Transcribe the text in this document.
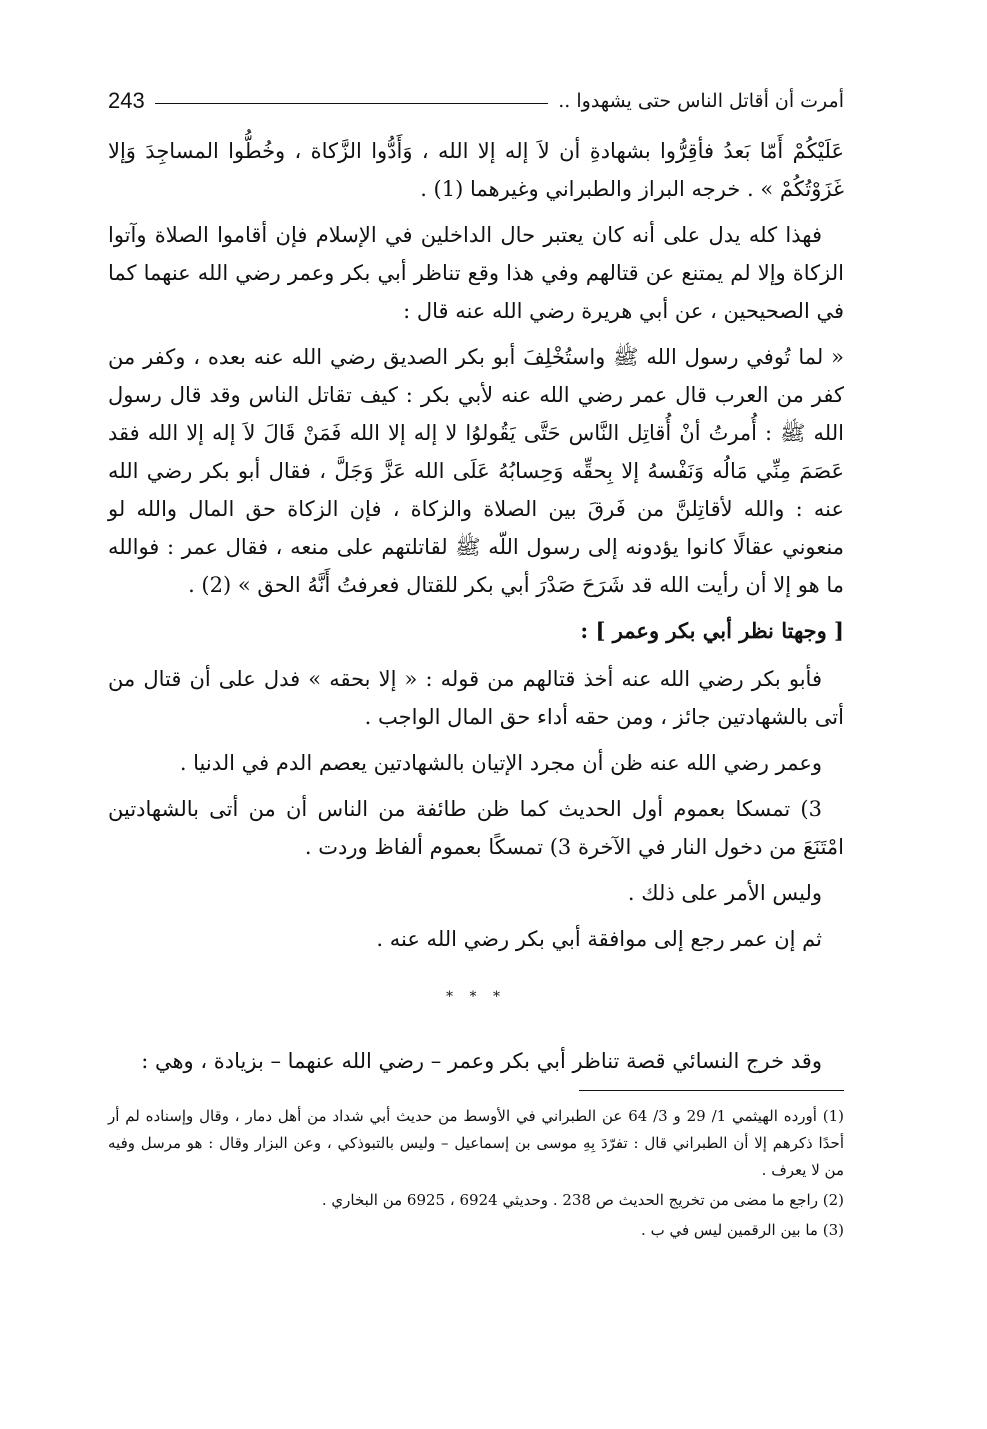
أمرت أن أقاتل الناس حتى يشهدوا ..
243

عَلَيْكُمْ أَمّا بَعدُ فأقِرُّوا بشهادةِ أن لاَ إله إلا الله ، وَأَدُّوا الزَّكاة ، وخُطُّوا المساجِدَ وَإلا غَزَوْتُكُمْ » . خرجه البراز والطبراني وغيرهما (1) .

فهذا كله يدل على أنه كان يعتبر حال الداخلين في الإسلام فإن أقاموا الصلاة وآتوا الزكاة وإلا لم يمتنع عن قتالهم وفي هذا وقع تناظر أبي بكر وعمر رضي الله عنهما كما في الصحيحين ، عن أبي هريرة رضي الله عنه قال :

« لما تُوفي رسول الله ﷺ واستُخْلِفَ أبو بكر الصديق رضي الله عنه بعده ، وكفر من كفر من العرب قال عمر رضي الله عنه لأبي بكر : كيف تقاتل الناس وقد قال رسول الله ﷺ : أُمرتُ أنْ أُقاتِل النَّاس حَتَّى يَقُولوُا لا إله إلا الله فَمَنْ قَالَ لاَ إله إلا الله فقد عَصَمَ مِنِّي مَالُه وَنَفْسهُ إلا بِحقِّه وَحِسابُهُ عَلَى الله عَزَّ وَجَلَّ ، فقال أبو بكر رضي الله عنه : والله لأقاتِلنَّ من فَرقَ بين الصلاة والزكاة ، فإن الزكاة حق المال والله لو منعوني عقالًا كانوا يؤدونه إلى رسول اللّه ﷺ لقاتلتهم على منعه ، فقال عمر : فوالله ما هو إلا أن رأيت الله قد شَرَحَ صَدْرَ أبي بكر للقتال فعرفتُ أَنَّهُ الحق » (2) .

[ وجهتا نظر أبي بكر وعمر ] :

فأبو بكر رضي الله عنه أخذ قتالهم من قوله : « إلا بحقه » فدل على أن قتال من أتى بالشهادتين جائز ، ومن حقه أداء حق المال الواجب .

وعمر رضي الله عنه ظن أن مجرد الإتيان بالشهادتين يعصم الدم في الدنيا .

3) تمسكا بعموم أول الحديث كما ظن طائفة من الناس أن من أتى بالشهادتين امْتَنَعَ من دخول النار في الآخرة 3) تمسكًا بعموم ألفاظ وردت .

وليس الأمر على ذلك .

ثم إن عمر رجع إلى موافقة أبي بكر رضي الله عنه .

* * *

وقد خرج النسائي قصة تناظر أبي بكر وعمر – رضي الله عنهما – بزيادة ، وهي :

(1) أورده الهيثمي 1/ 29 و 3/ 64 عن الطبراني في الأوسط من حديث أبي شداد من أهل دمار ، وقال وإسناده لم أر أحدًا ذكرهم إلا أن الطبراني قال : تفرّدَ بِهِ موسى بن إسماعيل – وليس بالتبوذكي ، وعن البزار وقال : هو مرسل وفيه من لا يعرف .

(2) راجع ما مضى من تخريج الحديث ص 238 . وحديثي 6924 ، 6925 من البخاري .

(3) ما بين الرقمين ليس في ب .
